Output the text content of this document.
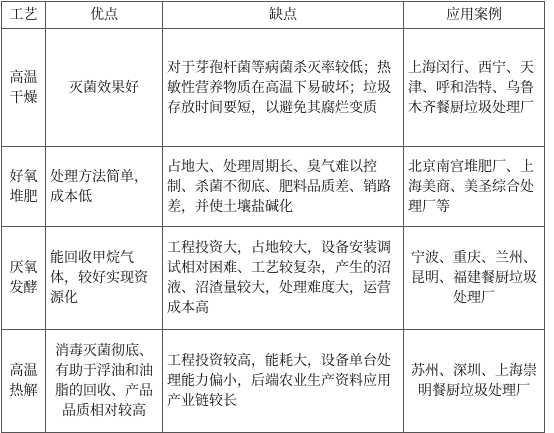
工艺	优点	缺点	应用案例
高温干燥	灭菌效果好	对于芽孢杆菌等病菌杀灭率较低；热敏性营养物质在高温下易破坏；垃圾存放时间要短，以避免其腐烂变质	上海闵行、西宁、天津、呼和浩特、乌鲁木齐餐厨垃圾处理厂
好氧堆肥	处理方法简单，成本低	占地大、处理周期长、臭气难以控制、杀菌不彻底、肥料品质差、销路差，并使土壤盐碱化	北京南宫堆肥厂、上海美商、美圣综合处理厂等
厌氧发酵	能回收甲烷气体，较好实现资源化	工程投资大，占地较大，设备安装调试相对困难、工艺较复杂，产生的沼液、沼渣量较大，处理难度大，运营成本高	宁波、重庆、兰州、昆明、福建餐厨垃圾处理厂
高温热解	消毒灭菌彻底、有助于浮油和油脂的回收、产品品质相对较高	工程投资较高，能耗大，设备单台处理能力偏小，后端农业生产资料应用产业链较长	苏州、深圳、上海崇明餐厨垃圾处理厂
